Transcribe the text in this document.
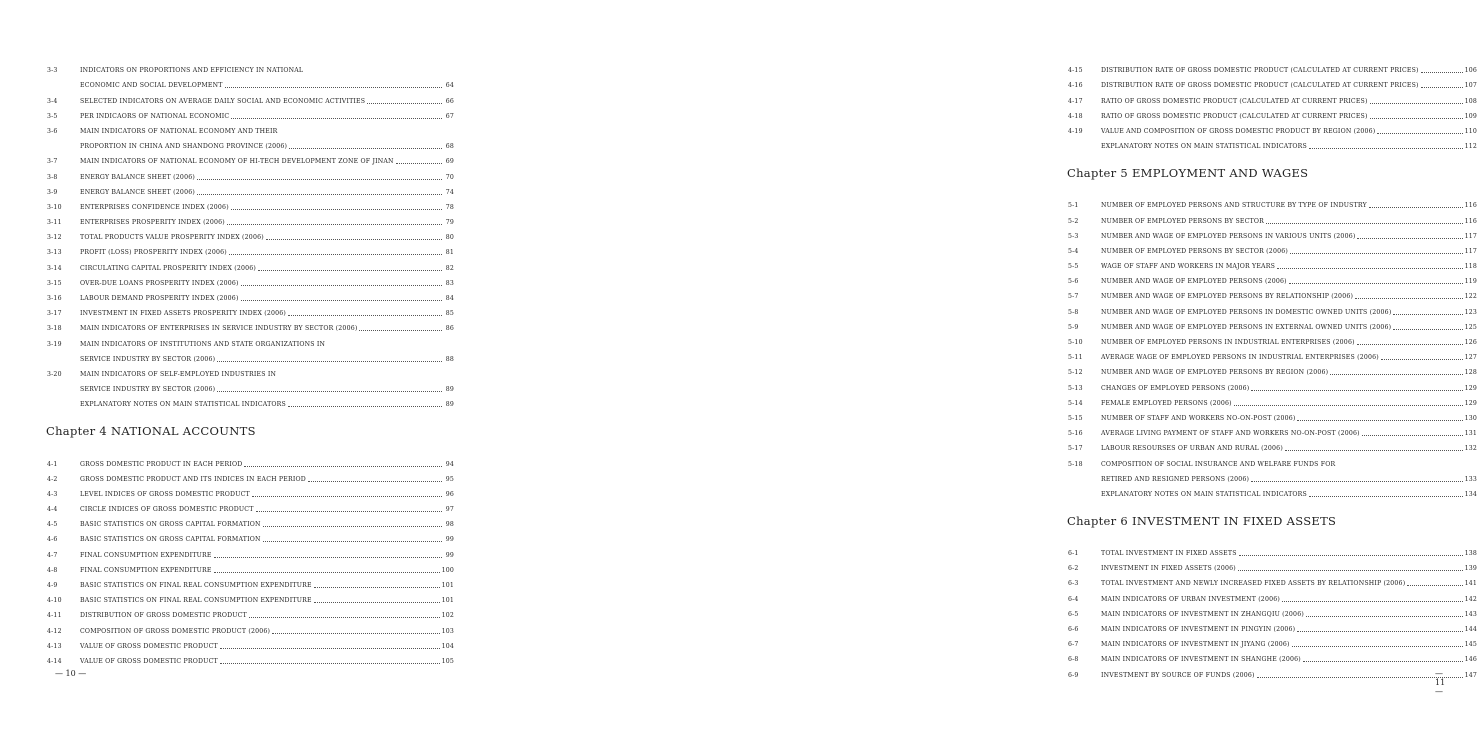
3-3	INDICATORS ON PROPORTIONS AND EFFICIENCY IN NATIONAL
ECONOMIC AND SOCIAL DEVELOPMENT	64
3-4	SELECTED INDICATORS ON AVERAGE DAILY SOCIAL AND ECONOMIC ACTIVITIES	66
3-5	PER INDICAORS OF NATIONAL ECONOMIC	67
3-6	MAIN INDICATORS OF NATIONAL ECONOMY AND THEIR
PROPORTION IN CHINA AND SHANDONG PROVINCE (2006)	68
3-7	MAIN INDICATORS OF NATIONAL ECONOMY OF HI-TECH DEVELOPMENT ZONE OF JINAN	69
3-8	ENERGY BALANCE SHEET (2006)	70
3-9	ENERGY BALANCE SHEET (2006)	74
3-10	ENTERPRISES CONFIDENCE INDEX (2006)	78
3-11	ENTERPRISES PROSPERITY INDEX (2006)	79
3-12	TOTAL PRODUCTS VALUE PROSPERITY INDEX (2006)	80
3-13	PROFIT (LOSS) PROSPERITY INDEX (2006)	81
3-14	CIRCULATING CAPITAL PROSPERITY INDEX (2006)	82
3-15	OVER-DUE LOANS PROSPERITY INDEX (2006)	83
3-16	LABOUR DEMAND PROSPERITY INDEX (2006)	84
3-17	INVESTMENT IN FIXED ASSETS PROSPERITY INDEX (2006)	85
3-18	MAIN INDICATORS OF ENTERPRISES IN SERVICE INDUSTRY BY SECTOR (2006)	86
3-19	MAIN INDICATORS OF INSTITUTIONS AND STATE ORGANIZATIONS IN
SERVICE INDUSTRY BY SECTOR (2006)	88
3-20	MAIN INDICATORS OF SELF-EMPLOYED INDUSTRIES IN
SERVICE INDUSTRY BY SECTOR (2006)	89
EXPLANATORY NOTES ON MAIN STATISTICAL INDICATORS	89
Chapter 4 NATIONAL ACCOUNTS
4-1	GROSS DOMESTIC PRODUCT IN EACH PERIOD	94
4-2	GROSS DOMESTIC PRODUCT AND ITS INDICES IN EACH PERIOD	95
4-3	LEVEL INDICES OF GROSS DOMESTIC PRODUCT	96
4-4	CIRCLE INDICES OF GROSS DOMESTIC PRODUCT	97
4-5	BASIC STATISTICS ON GROSS CAPITAL FORMATION	98
4-6	BASIC STATISTICS ON GROSS CAPITAL FORMATION	99
4-7	FINAL CONSUMPTION EXPENDITURE	99
4-8	FINAL CONSUMPTION EXPENDITURE	100
4-9	BASIC STATISTICS ON FINAL REAL CONSUMPTION EXPENDITURE	101
4-10	BASIC STATISTICS ON FINAL REAL CONSUMPTION EXPENDITURE	101
4-11	DISTRIBUTION OF GROSS DOMESTIC PRODUCT	102
4-12	COMPOSITION OF GROSS DOMESTIC PRODUCT (2006)	103
4-13	VALUE OF GROSS DOMESTIC PRODUCT	104
4-14	VALUE OF GROSS DOMESTIC PRODUCT	105
— 10 —
4-15	DISTRIBUTION RATE OF GROSS DOMESTIC PRODUCT (CALCULATED AT CURRENT PRICES)	106
4-16	DISTRIBUTION RATE OF GROSS DOMESTIC PRODUCT (CALCULATED AT CURRENT PRICES)	107
4-17	RATIO OF GROSS DOMESTIC PRODUCT (CALCULATED AT CURRENT PRICES)	108
4-18	RATIO OF GROSS DOMESTIC PRODUCT (CALCULATED AT CURRENT PRICES)	109
4-19	VALUE AND COMPOSITION OF GROSS DOMESTIC PRODUCT BY REGION (2006)	110
EXPLANATORY NOTES ON MAIN STATISTICAL INDICATORS	112
Chapter 5 EMPLOYMENT AND WAGES
5-1	NUMBER OF EMPLOYED PERSONS AND STRUCTURE BY TYPE OF INDUSTRY	116
5-2	NUMBER OF EMPLOYED PERSONS BY SECTOR	116
5-3	NUMBER AND WAGE OF EMPLOYED PERSONS IN VARIOUS UNITS (2006)	117
5-4	NUMBER OF EMPLOYED PERSONS BY SECTOR (2006)	117
5-5	WAGE OF STAFF AND WORKERS IN MAJOR YEARS	118
5-6	NUMBER AND WAGE OF EMPLOYED PERSONS (2006)	119
5-7	NUMBER AND WAGE OF EMPLOYED PERSONS BY RELATIONSHIP (2006)	122
5-8	NUMBER AND WAGE OF EMPLOYED PERSONS IN DOMESTIC OWNED UNITS (2006)	123
5-9	NUMBER AND WAGE OF EMPLOYED PERSONS IN EXTERNAL OWNED UNITS (2006)	125
5-10	NUMBER OF EMPLOYED PERSONS IN INDUSTRIAL ENTERPRISES (2006)	126
5-11	AVERAGE WAGE OF EMPLOYED PERSONS IN INDUSTRIAL ENTERPRISES (2006)	127
5-12	NUMBER AND WAGE OF EMPLOYED PERSONS BY REGION (2006)	128
5-13	CHANGES OF EMPLOYED PERSONS (2006)	129
5-14	FEMALE EMPLOYED PERSONS (2006)	129
5-15	NUMBER OF STAFF AND WORKERS NO-ON-POST (2006)	130
5-16	AVERAGE LIVING PAYMENT OF STAFF AND WORKERS NO-ON-POST (2006)	131
5-17	LABOUR RESOURSES OF URBAN AND RURAL (2006)	132
5-18	COMPOSITION OF SOCIAL INSURANCE AND WELFARE FUNDS FOR
RETIRED AND RESIGNED PERSONS (2006)	133
EXPLANATORY NOTES ON MAIN STATISTICAL INDICATORS	134
Chapter 6 INVESTMENT IN FIXED ASSETS
6-1	TOTAL INVESTMENT IN FIXED ASSETS	138
6-2	INVESTMENT IN FIXED ASSETS (2006)	139
6-3	TOTAL INVESTMENT AND NEWLY INCREASED FIXED ASSETS BY RELATIONSHIP (2006)	141
6-4	MAIN INDICATORS OF URBAN INVESTMENT (2006)	142
6-5	MAIN INDICATORS OF INVESTMENT IN ZHANGQIU (2006)	143
6-6	MAIN INDICATORS OF INVESTMENT IN PINGYIN (2006)	144
6-7	MAIN INDICATORS OF INVESTMENT IN JIYANG (2006)	145
6-8	MAIN INDICATORS OF INVESTMENT IN SHANGHE (2006)	146
6-9	INVESTMENT BY SOURCE OF FUNDS (2006)	147
— 11 —
